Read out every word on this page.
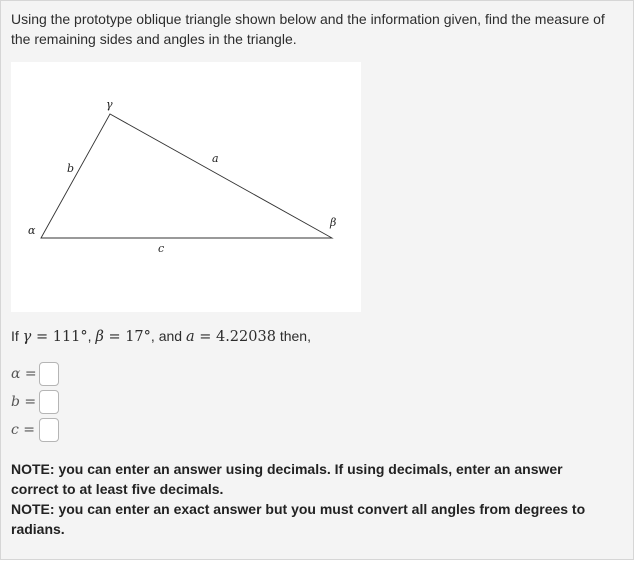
Using the prototype oblique triangle shown below and the information given, find the measure of the remaining sides and angles in the triangle.
γ
b
a
α
c
β
If γ = 111°, β = 17°, and a = 4.22038 then,
α =
b =
c =
NOTE: you can enter an answer using decimals. If using decimals, enter an answer correct to at least five decimals.
NOTE: you can enter an exact answer but you must convert all angles from degrees to radians.
